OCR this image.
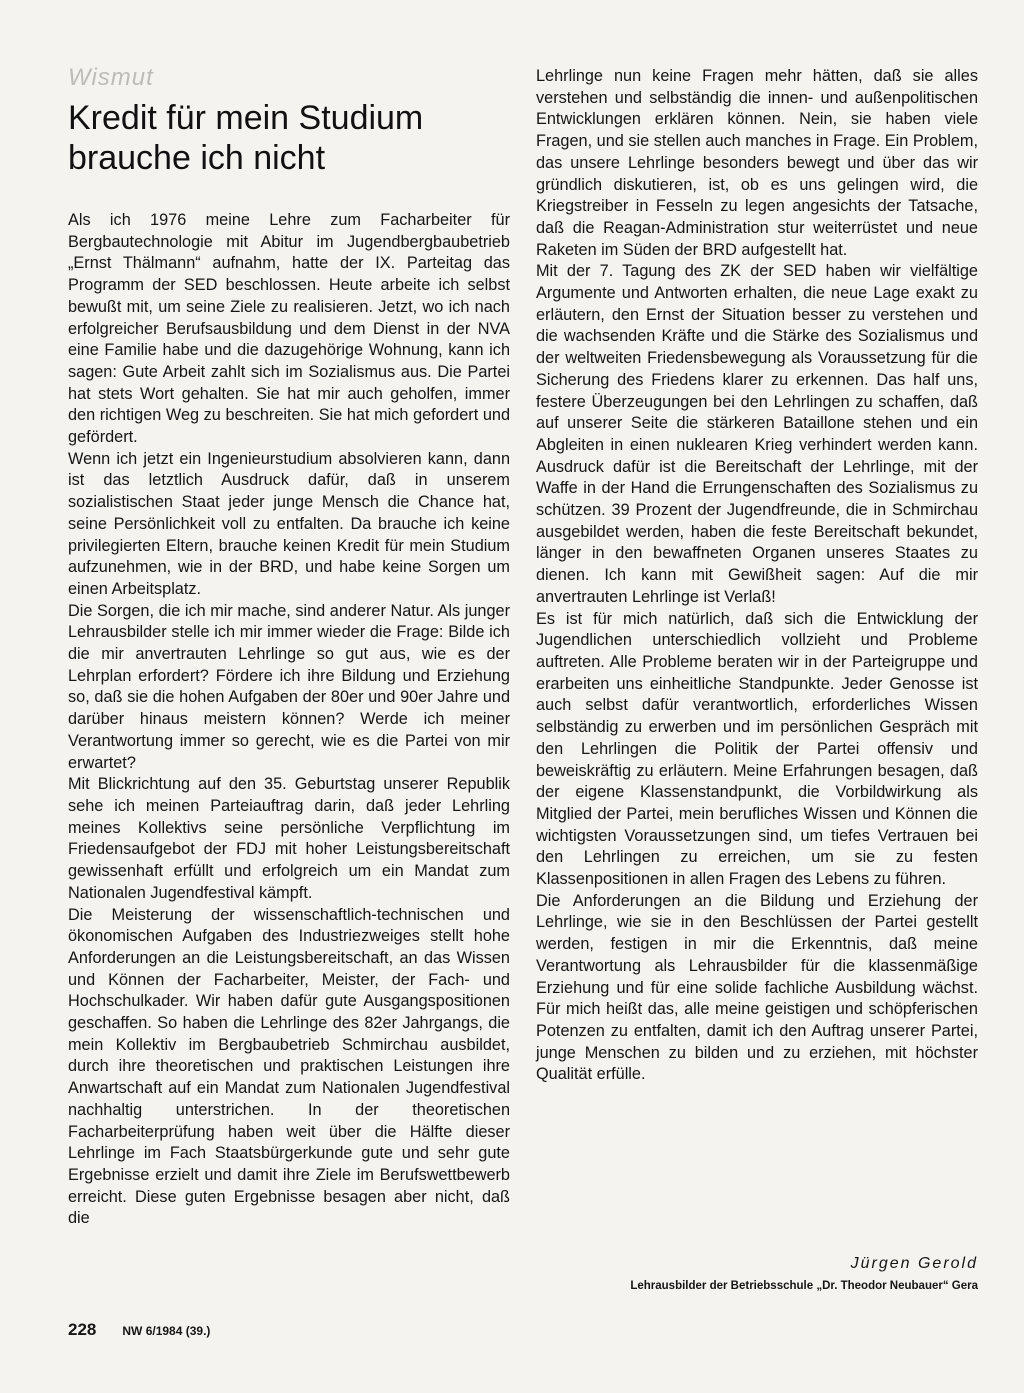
Wismut
Kredit für mein Studium brauche ich nicht

Als ich 1976 meine Lehre zum Facharbeiter für Bergbautechnologie mit Abitur im Jugendbergbaubetrieb „Ernst Thälmann“ aufnahm, hatte der IX. Parteitag das Programm der SED beschlossen. Heute arbeite ich selbst bewußt mit, um seine Ziele zu realisieren. Jetzt, wo ich nach erfolgreicher Berufsausbildung und dem Dienst in der NVA eine Familie habe und die dazugehörige Wohnung, kann ich sagen: Gute Arbeit zahlt sich im Sozialismus aus. Die Partei hat stets Wort gehalten. Sie hat mir auch geholfen, immer den richtigen Weg zu beschreiten. Sie hat mich gefordert und gefördert.

Wenn ich jetzt ein Ingenieurstudium absolvieren kann, dann ist das letztlich Ausdruck dafür, daß in unserem sozialistischen Staat jeder junge Mensch die Chance hat, seine Persönlichkeit voll zu entfalten. Da brauche ich keine privilegierten Eltern, brauche keinen Kredit für mein Studium aufzunehmen, wie in der BRD, und habe keine Sorgen um einen Arbeitsplatz.

Die Sorgen, die ich mir mache, sind anderer Natur. Als junger Lehrausbilder stelle ich mir immer wieder die Frage: Bilde ich die mir anvertrauten Lehrlinge so gut aus, wie es der Lehrplan erfordert? Fördere ich ihre Bildung und Erziehung so, daß sie die hohen Aufgaben der 80er und 90er Jahre und darüber hinaus meistern können? Werde ich meiner Verantwortung immer so gerecht, wie es die Partei von mir erwartet?

Mit Blickrichtung auf den 35. Geburtstag unserer Republik sehe ich meinen Parteiauftrag darin, daß jeder Lehrling meines Kollektivs seine persönliche Verpflichtung im Friedensaufgebot der FDJ mit hoher Leistungsbereitschaft gewissenhaft erfüllt und erfolgreich um ein Mandat zum Nationalen Jugendfestival kämpft.

Die Meisterung der wissenschaftlich-technischen und ökonomischen Aufgaben des Industriezweiges stellt hohe Anforderungen an die Leistungsbereitschaft, an das Wissen und Können der Facharbeiter, Meister, der Fach- und Hochschulkader. Wir haben dafür gute Ausgangspositionen geschaffen. So haben die Lehrlinge des 82er Jahrgangs, die mein Kollektiv im Bergbaubetrieb Schmirchau ausbildet, durch ihre theoretischen und praktischen Leistungen ihre Anwartschaft auf ein Mandat zum Nationalen Jugendfestival nachhaltig unterstrichen. In der theoretischen Facharbeiterprüfung haben weit über die Hälfte dieser Lehrlinge im Fach Staatsbürgerkunde gute und sehr gute Ergebnisse erzielt und damit ihre Ziele im Berufswettbewerb erreicht. Diese guten Ergebnisse besagen aber nicht, daß die

Lehrlinge nun keine Fragen mehr hätten, daß sie alles verstehen und selbständig die innen- und außenpolitischen Entwicklungen erklären können. Nein, sie haben viele Fragen, und sie stellen auch manches in Frage. Ein Problem, das unsere Lehrlinge besonders bewegt und über das wir gründlich diskutieren, ist, ob es uns gelingen wird, die Kriegstreiber in Fesseln zu legen angesichts der Tatsache, daß die Reagan-Administration stur weiterrüstet und neue Raketen im Süden der BRD aufgestellt hat.

Mit der 7. Tagung des ZK der SED haben wir vielfältige Argumente und Antworten erhalten, die neue Lage exakt zu erläutern, den Ernst der Situation besser zu verstehen und die wachsenden Kräfte und die Stärke des Sozialismus und der weltweiten Friedensbewegung als Voraussetzung für die Sicherung des Friedens klarer zu erkennen. Das half uns, festere Überzeugungen bei den Lehrlingen zu schaffen, daß auf unserer Seite die stärkeren Bataillone stehen und ein Abgleiten in einen nuklearen Krieg verhindert werden kann. Ausdruck dafür ist die Bereitschaft der Lehrlinge, mit der Waffe in der Hand die Errungenschaften des Sozialismus zu schützen. 39 Prozent der Jugendfreunde, die in Schmirchau ausgebildet werden, haben die feste Bereitschaft bekundet, länger in den bewaffneten Organen unseres Staates zu dienen. Ich kann mit Gewißheit sagen: Auf die mir anvertrauten Lehrlinge ist Verlaß!

Es ist für mich natürlich, daß sich die Entwicklung der Jugendlichen unterschiedlich vollzieht und Probleme auftreten. Alle Probleme beraten wir in der Parteigruppe und erarbeiten uns einheitliche Standpunkte. Jeder Genosse ist auch selbst dafür verantwortlich, erforderliches Wissen selbständig zu erwerben und im persönlichen Gespräch mit den Lehrlingen die Politik der Partei offensiv und beweiskräftig zu erläutern. Meine Erfahrungen besagen, daß der eigene Klassenstandpunkt, die Vorbildwirkung als Mitglied der Partei, mein berufliches Wissen und Können die wichtigsten Voraussetzungen sind, um tiefes Vertrauen bei den Lehrlingen zu erreichen, um sie zu festen Klassenpositionen in allen Fragen des Lebens zu führen.

Die Anforderungen an die Bildung und Erziehung der Lehrlinge, wie sie in den Beschlüssen der Partei gestellt werden, festigen in mir die Erkenntnis, daß meine Verantwortung als Lehrausbilder für die klassenmäßige Erziehung und für eine solide fachliche Ausbildung wächst. Für mich heißt das, alle meine geistigen und schöpferischen Potenzen zu entfalten, damit ich den Auftrag unserer Partei, junge Menschen zu bilden und zu erziehen, mit höchster Qualität erfülle.

Jürgen Gerold
Lehrausbilder der Betriebsschule „Dr. Theodor Neubauer“ Gera
228 NW 6/1984 (39.)
